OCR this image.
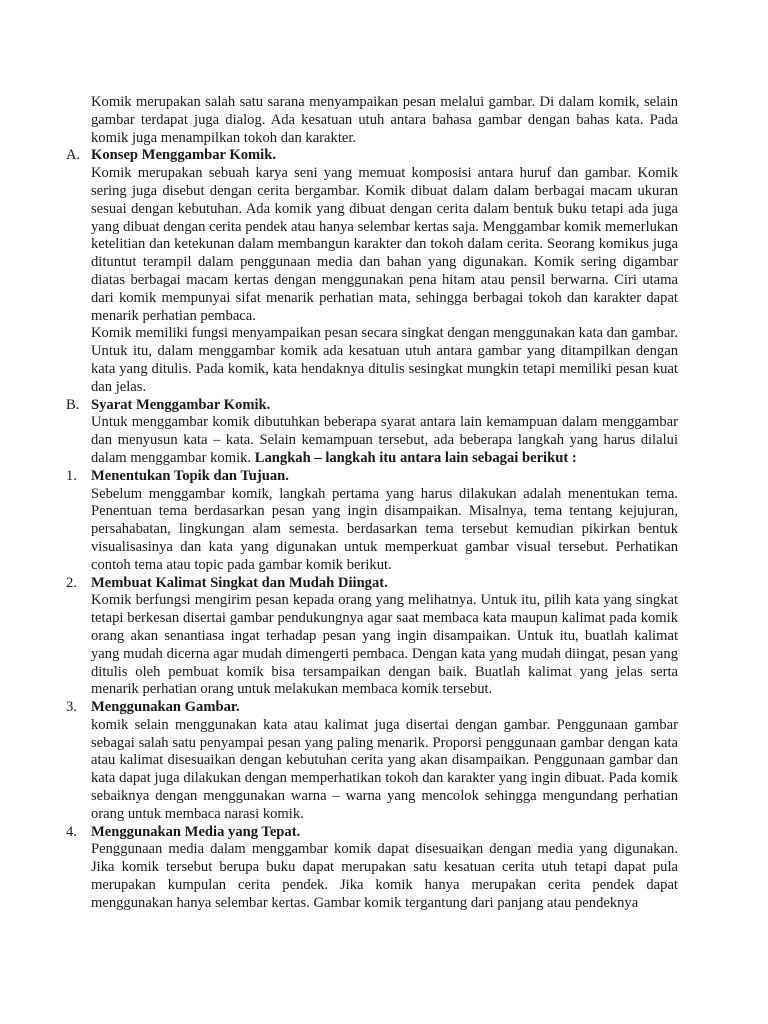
Komik merupakan salah satu sarana menyampaikan pesan melalui gambar. Di dalam komik, selain gambar terdapat juga dialog. Ada kesatuan utuh antara bahasa gambar dengan bahas kata. Pada komik juga menampilkan tokoh dan karakter.

A. Konsep Menggambar Komik.

Komik merupakan sebuah karya seni yang memuat komposisi antara huruf dan gambar. Komik sering juga disebut dengan cerita bergambar. Komik dibuat dalam dalam berbagai macam ukuran sesuai dengan kebutuhan. Ada komik yang dibuat dengan cerita dalam bentuk buku tetapi ada juga yang dibuat dengan cerita pendek atau hanya selembar kertas saja. Menggambar komik memerlukan ketelitian dan ketekunan dalam membangun karakter dan tokoh dalam cerita. Seorang komikus juga dituntut terampil dalam penggunaan media dan bahan yang digunakan. Komik sering digambar diatas berbagai macam kertas dengan menggunakan pena hitam atau pensil berwarna. Ciri utama dari komik mempunyai sifat menarik perhatian mata, sehingga berbagai tokoh dan karakter dapat menarik perhatian pembaca.

Komik memiliki fungsi menyampaikan pesan secara singkat dengan menggunakan kata dan gambar. Untuk itu, dalam menggambar komik ada kesatuan utuh antara gambar yang ditampilkan dengan kata yang ditulis. Pada komik, kata hendaknya ditulis sesingkat mungkin tetapi memiliki pesan kuat dan jelas.

B. Syarat Menggambar Komik.

Untuk menggambar komik dibutuhkan beberapa syarat antara lain kemampuan dalam menggambar dan menyusun kata – kata. Selain kemampuan tersebut, ada beberapa langkah yang harus dilalui dalam menggambar komik. Langkah – langkah itu antara lain sebagai berikut :

1. Menentukan Topik dan Tujuan.

Sebelum menggambar komik, langkah pertama yang harus dilakukan adalah menentukan tema. Penentuan tema berdasarkan pesan yang ingin disampaikan. Misalnya, tema tentang kejujuran, persahabatan, lingkungan alam semesta. berdasarkan tema tersebut kemudian pikirkan bentuk visualisasinya dan kata yang digunakan untuk memperkuat gambar visual tersebut. Perhatikan contoh tema atau topic pada gambar komik berikut.

2. Membuat Kalimat Singkat dan Mudah Diingat.

Komik berfungsi mengirim pesan kepada orang yang melihatnya. Untuk itu, pilih kata yang singkat tetapi berkesan disertai gambar pendukungnya agar saat membaca kata maupun kalimat pada komik orang akan senantiasa ingat terhadap pesan yang ingin disampaikan. Untuk itu, buatlah kalimat yang mudah dicerna agar mudah dimengerti pembaca. Dengan kata yang mudah diingat, pesan yang ditulis oleh pembuat komik bisa tersampaikan dengan baik. Buatlah kalimat yang jelas serta menarik perhatian orang untuk melakukan membaca komik tersebut.

3. Menggunakan Gambar.

komik selain menggunakan kata atau kalimat juga disertai dengan gambar. Penggunaan gambar sebagai salah satu penyampai pesan yang paling menarik. Proporsi penggunaan gambar dengan kata atau kalimat disesuaikan dengan kebutuhan cerita yang akan disampaikan. Penggunaan gambar dan kata dapat juga dilakukan dengan memperhatikan tokoh dan karakter yang ingin dibuat. Pada komik sebaiknya dengan menggunakan warna – warna yang mencolok sehingga mengundang perhatian orang untuk membaca narasi komik.

4. Menggunakan Media yang Tepat.

Penggunaan media dalam menggambar komik dapat disesuaikan dengan media yang digunakan. Jika komik tersebut berupa buku dapat merupakan satu kesatuan cerita utuh tetapi dapat pula merupakan kumpulan cerita pendek. Jika komik hanya merupakan cerita pendek dapat menggunakan hanya selembar kertas. Gambar komik tergantung dari panjang atau pendeknya
